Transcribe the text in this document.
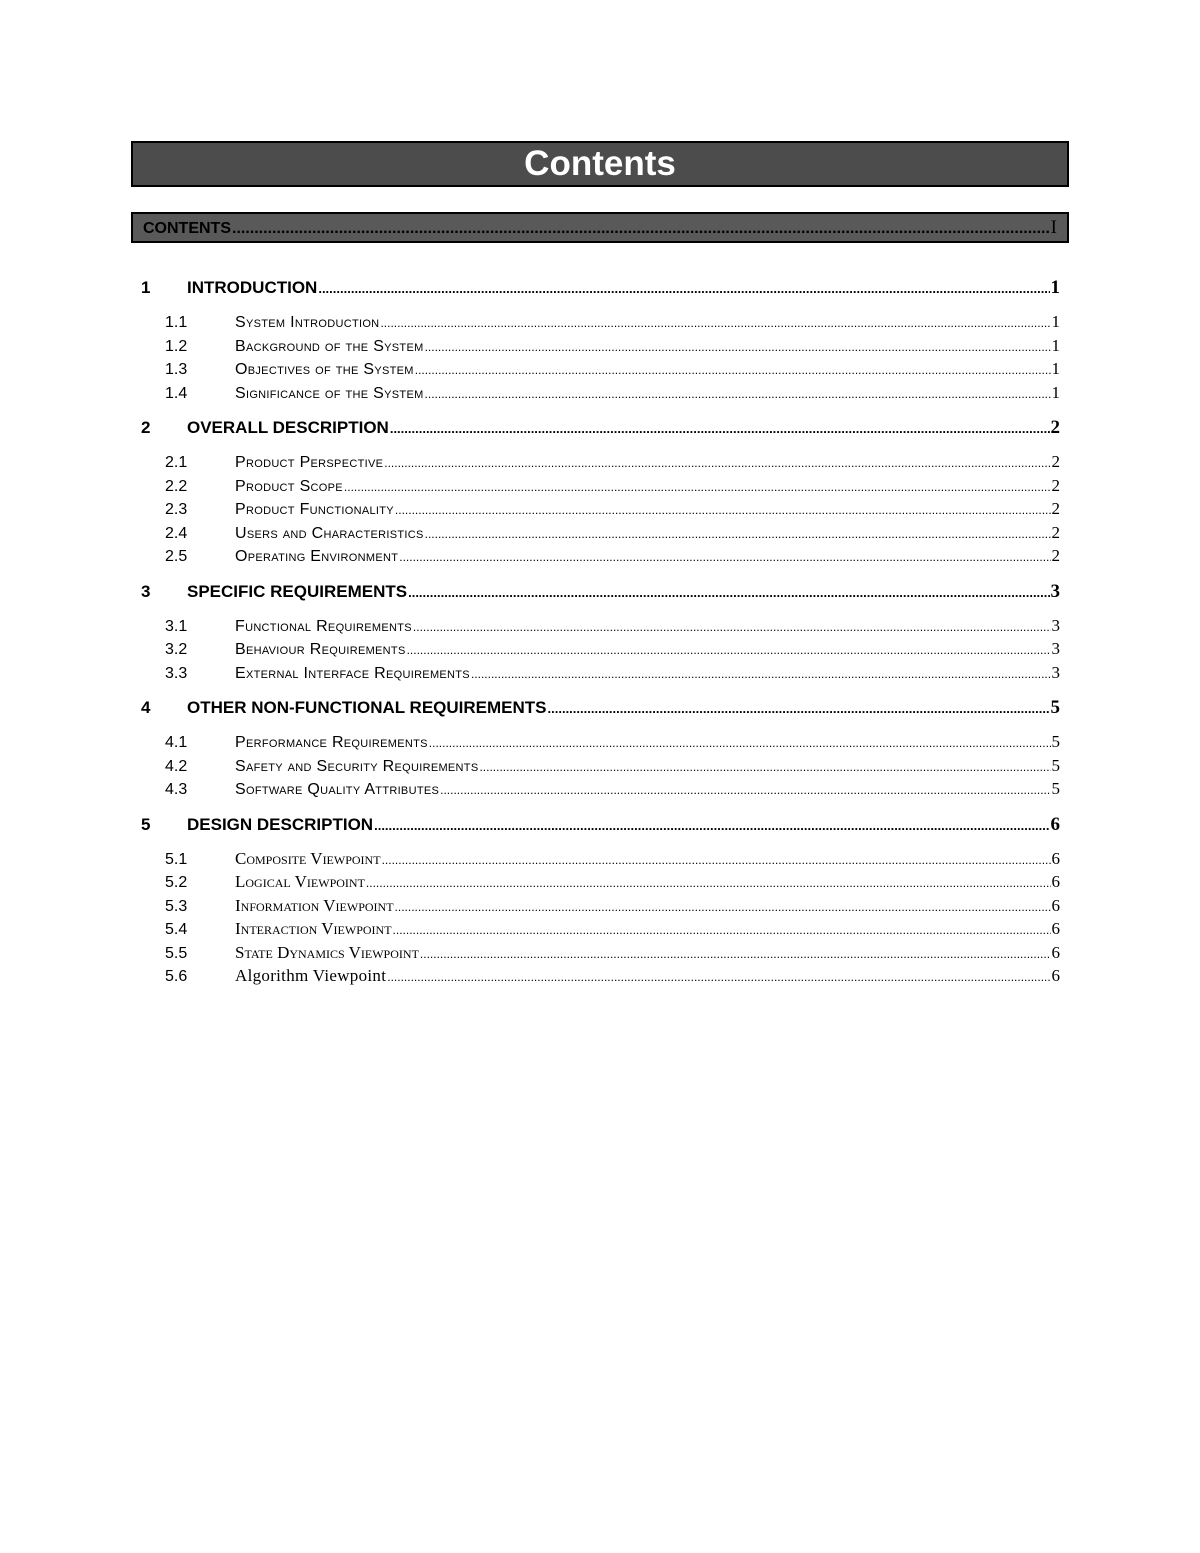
Contents
CONTENTS .....	I
1	INTRODUCTION .....	1
1.1	System Introduction .....	1
1.2	Background of the System .....	1
1.3	Objectives of the System .....	1
1.4	Significance of the System .....	1
2	OVERALL DESCRIPTION .....	2
2.1	Product Perspective .....	2
2.2	Product Scope .....	2
2.3	Product Functionality .....	2
2.4	Users and Characteristics .....	2
2.5	Operating Environment .....	2
3	SPECIFIC REQUIREMENTS .....	3
3.1	Functional Requirements .....	3
3.2	Behaviour Requirements .....	3
3.3	External Interface Requirements .....	3
4	OTHER NON-FUNCTIONAL REQUIREMENTS .....	5
4.1	Performance Requirements .....	5
4.2	Safety and Security Requirements .....	5
4.3	Software Quality Attributes .....	5
5	DESIGN DESCRIPTION .....	6
5.1	Composite Viewpoint .....	6
5.2	Logical Viewpoint .....	6
5.3	Information Viewpoint .....	6
5.4	Interaction Viewpoint .....	6
5.5	State Dynamics Viewpoint .....	6
5.6	Algorithm Viewpoint .....	6
